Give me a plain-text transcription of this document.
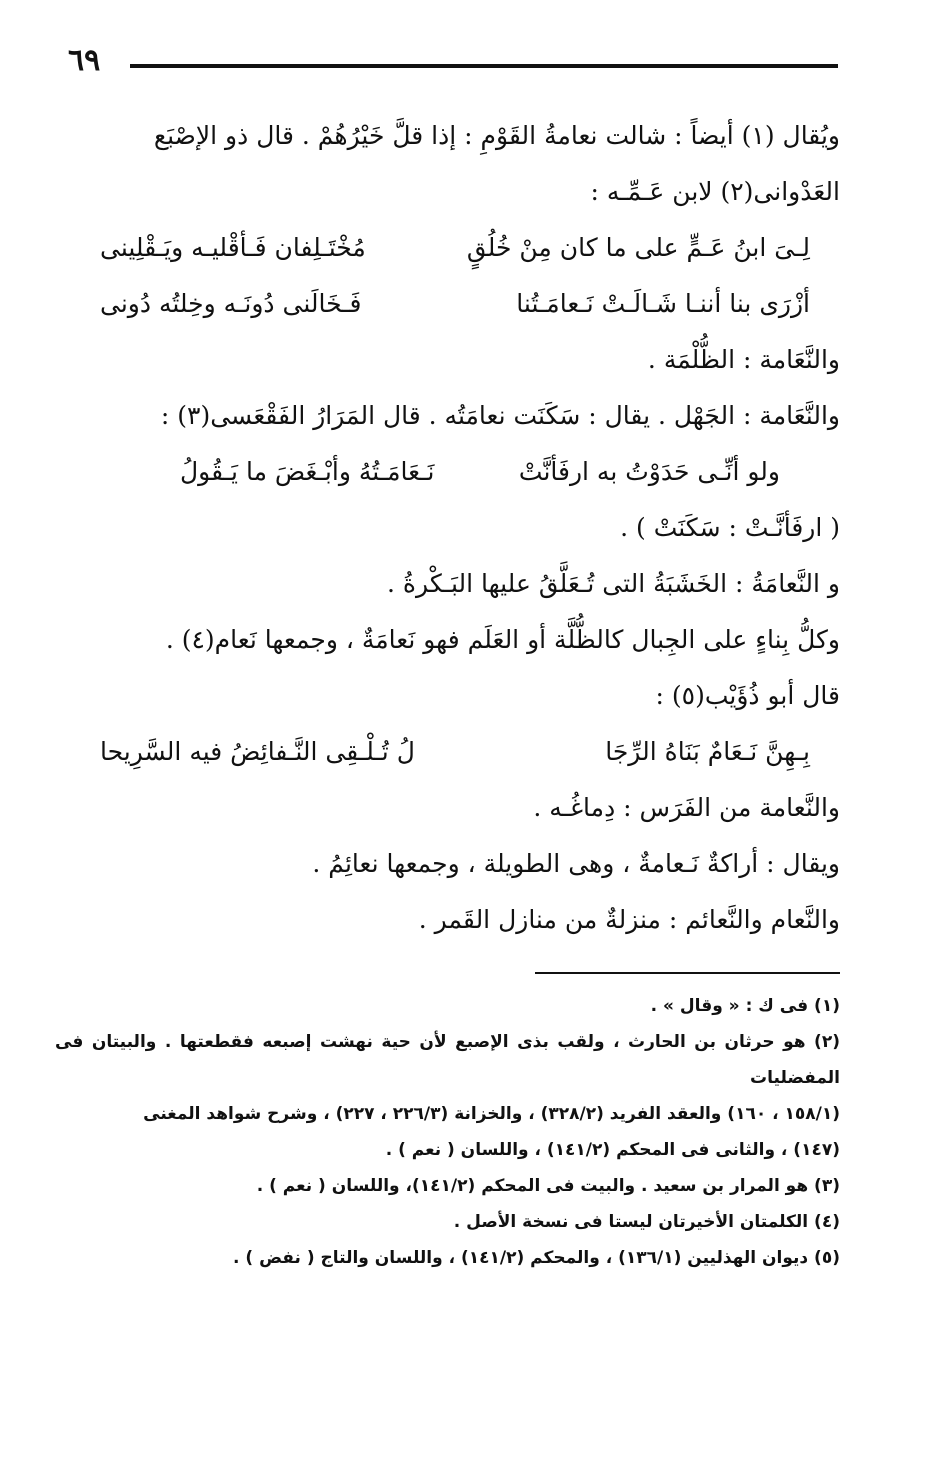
٦٩

ويُقال (١) أيضاً : شالت نعامةُ القَوْمِ : إذا قلَّ خَيْرُهُمْ . قال ذو الإصْبَع

العَدْوانى(٢) لابن عَـمِّـه :

لِـىَ ابنُ عَـمٍّ على ما كان مِنْ خُلُقٍ
مُخْتَـلِفان فَـأقْليـه ويَـقْلِينى
أزْرَى بنا أننـا شَـالَـتْ نَـعامَـتُنا
فَـخَالَنى دُونَـه وخِلتُه دُونى

والنَّعَامة : الظُّلْمَة .

والنَّعَامة : الجَهْل . يقال : سَكَنَت نعامَتُه . قال المَرَارُ الفَقْعَسى(٣) :

ولو أنِّـى حَدَوْتُ به ارفَأنَّتْ
نَـعَامَـتُهُ وأبْـغَضَ ما يَـقُولُ

( ارفَأنَّـتْ : سَكَنَتْ ) .

و النَّعامَةُ : الخَشَبَةُ التى تُـعَلَّقُ عليها البَـكْرةُ .

وكلُّ بِناءٍ على الجِبال كالظُّلَّة أو العَلَم فهو نَعامَةٌ ، وجمعها نَعام(٤) .

قال أبو ذُؤَيْب(٥) :

بِـهِنَّ نَـعَامٌ بَنَاهُ الرِّجَا
لُ تُـلْـقِى النَّـفائِضُ فيه السَّرِيحا

والنَّعامة من الفَرَس : دِماغُـه .

ويقال : أراكةٌ نَـعامةٌ ، وهى الطويلة ، وجمعها نعائِمُ .

والنَّعام والنَّعائم : منزلةٌ من منازل القَمر .

(١) فى ك : « وقال » .

(٢) هو حرثان بن الحارث ، ولقب بذى الإصبع لأن حية نهشت إصبعه فقطعتها . والبيتان فى المفضليات

(١٥٨/١ ، ١٦٠) والعقد الفريد (٣٢٨/٢) ، والخزانة (٢٢٦/٣ ، ٢٢٧) ، وشرح شواهد المغنى

(١٤٧) ، والثانى فى المحكم (١٤١/٢) ، واللسان ( نعم ) .

(٣) هو المرار بن سعيد . والبيت فى المحكم (١٤١/٢)، واللسان ( نعم ) .

(٤) الكلمتان الأخيرتان ليستا فى نسخة الأصل .

(٥) ديوان الهذليين (١٣٦/١) ، والمحكم (١٤١/٢) ، واللسان والتاج ( نفض ) .
